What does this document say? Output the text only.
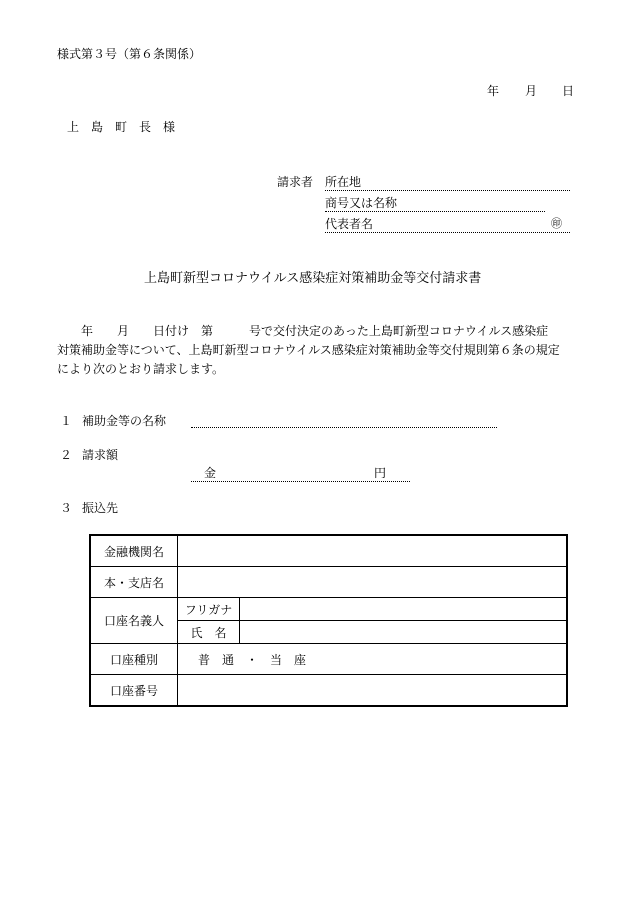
様式第３号（第６条関係）
年 月 日
上　島　町　長　様
請求者 所在地
商号又は名称
代表者名	㊞
上島町新型コロナウイルス感染症対策補助金等交付請求書
　　年　　月　　日付け　第　　　号で交付決定のあった上島町新型コロナウイルス感染症
対策補助金等について、上島町新型コロナウイルス感染症対策補助金等交付規則第６条の規定
により次のとおり請求します。
１ 補助金等の名称
２ 請求額
金	円
３ 振込先
金融機関名		
本・支店名		
口座名義人	フリガナ	
	氏　名	
口座種別	普　通　・　当　座	
口座番号		
